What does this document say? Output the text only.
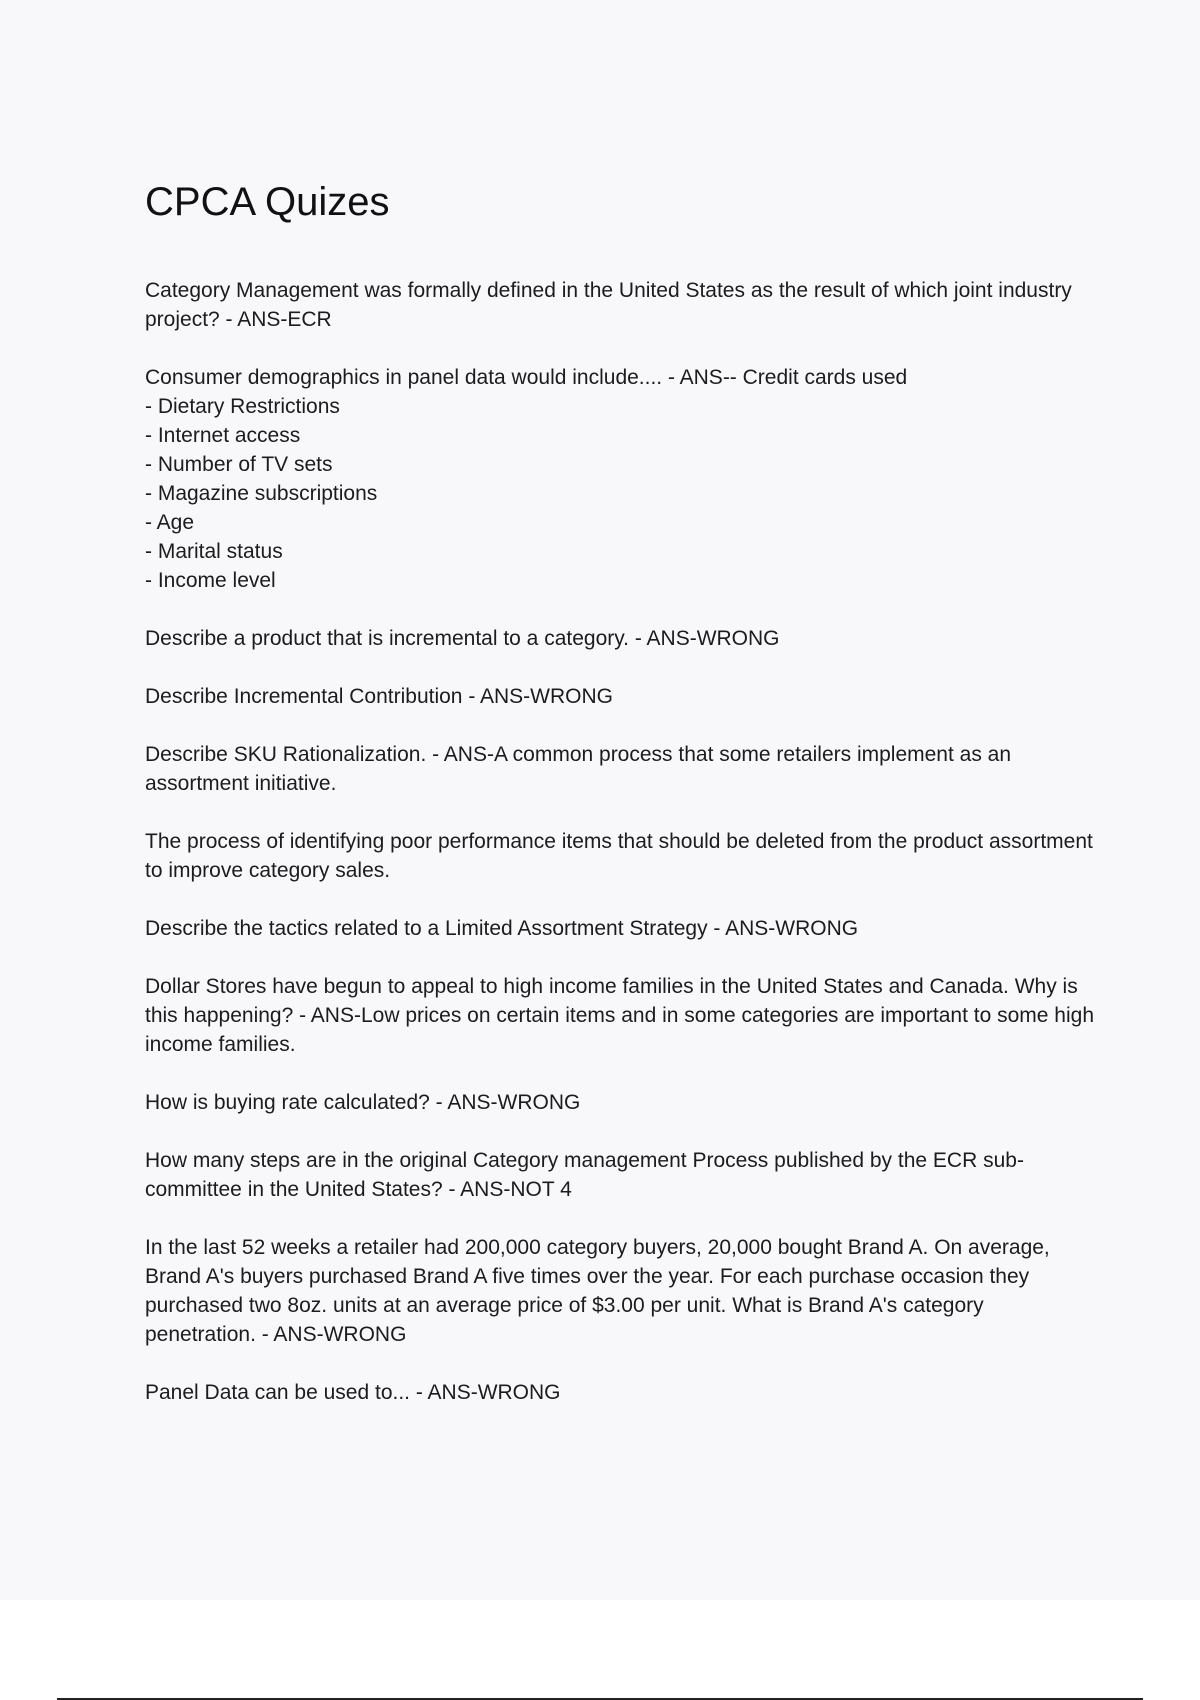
CPCA Quizes

Category Management was formally defined in the United States as the result of which joint industry project? - ANS-ECR

Consumer demographics in panel data would include.... - ANS-- Credit cards used
- Dietary Restrictions
- Internet access
- Number of TV sets
- Magazine subscriptions
- Age
- Marital status
- Income level

Describe a product that is incremental to a category. - ANS-WRONG

Describe Incremental Contribution - ANS-WRONG

Describe SKU Rationalization. - ANS-A common process that some retailers implement as an assortment initiative.

The process of identifying poor performance items that should be deleted from the product assortment to improve category sales.

Describe the tactics related to a Limited Assortment Strategy - ANS-WRONG

Dollar Stores have begun to appeal to high income families in the United States and Canada. Why is this happening? - ANS-Low prices on certain items and in some categories are important to some high income families.

How is buying rate calculated? - ANS-WRONG

How many steps are in the original Category management Process published by the ECR sub-committee in the United States? - ANS-NOT 4

In the last 52 weeks a retailer had 200,000 category buyers, 20,000 bought Brand A. On average, Brand A's buyers purchased Brand A five times over the year. For each purchase occasion they purchased two 8oz. units at an average price of $3.00 per unit. What is Brand A's category penetration. - ANS-WRONG

Panel Data can be used to... - ANS-WRONG
